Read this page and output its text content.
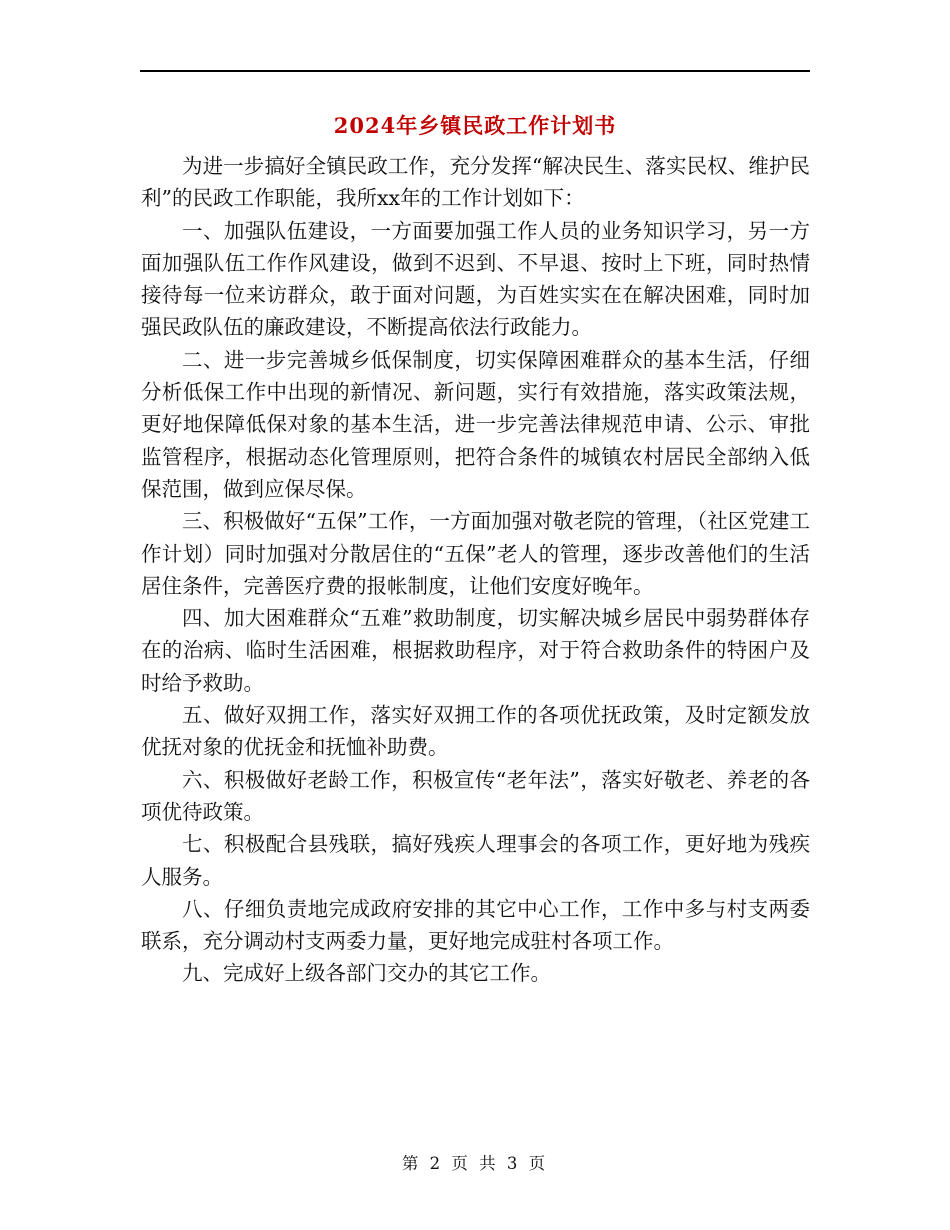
2024年乡镇民政工作计划书

为进一步搞好全镇民政工作，充分发挥“解决民生、落实民权、维护民利”的民政工作职能，我所xx年的工作计划如下：

一、加强队伍建设，一方面要加强工作人员的业务知识学习，另一方面加强队伍工作作风建设，做到不迟到、不早退、按时上下班，同时热情接待每一位来访群众，敢于面对问题，为百姓实实在在解决困难，同时加强民政队伍的廉政建设，不断提高依法行政能力。

二、进一步完善城乡低保制度，切实保障困难群众的基本生活，仔细分析低保工作中出现的新情况、新问题，实行有效措施，落实政策法规，更好地保障低保对象的基本生活，进一步完善法律规范申请、公示、审批监管程序，根据动态化管理原则，把符合条件的城镇农村居民全部纳入低保范围，做到应保尽保。

三、积极做好“五保”工作，一方面加强对敬老院的管理，（社区党建工作计划）同时加强对分散居住的“五保”老人的管理，逐步改善他们的生活居住条件，完善医疗费的报帐制度，让他们安度好晚年。

四、加大困难群众“五难”救助制度，切实解决城乡居民中弱势群体存在的治病、临时生活困难，根据救助程序，对于符合救助条件的特困户及时给予救助。

五、做好双拥工作，落实好双拥工作的各项优抚政策，及时定额发放优抚对象的优抚金和抚恤补助费。

六、积极做好老龄工作，积极宣传“老年法”，落实好敬老、养老的各项优待政策。

七、积极配合县残联，搞好残疾人理事会的各项工作，更好地为残疾人服务。

八、仔细负责地完成政府安排的其它中心工作，工作中多与村支两委联系，充分调动村支两委力量，更好地完成驻村各项工作。

九、完成好上级各部门交办的其它工作。

第 2 页 共 3 页
